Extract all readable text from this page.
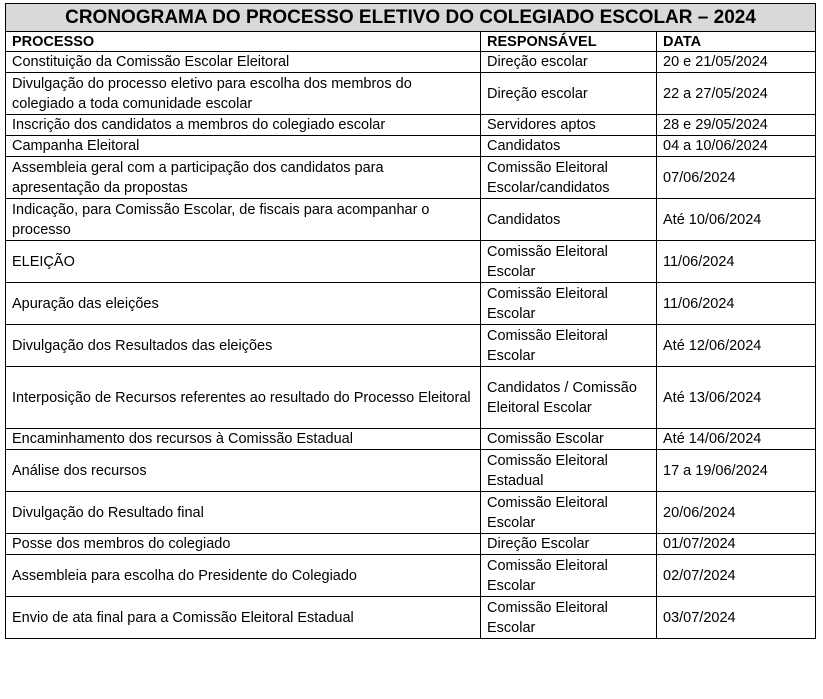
CRONOGRAMA DO PROCESSO ELETIVO DO COLEGIADO ESCOLAR – 2024		
PROCESSO	RESPONSÁVEL	DATA
Constituição da Comissão Escolar Eleitoral	Direção escolar	20 e 21/05/2024
Divulgação do processo eletivo para escolha dos membros do colegiado a toda comunidade escolar	Direção escolar	22 a 27/05/2024
Inscrição dos candidatos a membros do colegiado escolar	Servidores aptos	28 e 29/05/2024
Campanha Eleitoral	Candidatos	04 a 10/06/2024
Assembleia geral com a participação dos candidatos para apresentação da propostas	Comissão Eleitoral Escolar/candidatos	07/06/2024
Indicação, para Comissão Escolar, de fiscais para acompanhar o processo	Candidatos	Até 10/06/2024
ELEIÇÃO	Comissão Eleitoral Escolar	11/06/2024
Apuração das eleições	Comissão Eleitoral Escolar	11/06/2024
Divulgação dos Resultados das eleições	Comissão Eleitoral Escolar	Até 12/06/2024
Interposição de Recursos referentes ao resultado do Processo Eleitoral	Candidatos / Comissão Eleitoral Escolar	Até 13/06/2024
Encaminhamento dos recursos à Comissão Estadual	Comissão Escolar	Até 14/06/2024
Análise dos recursos	Comissão Eleitoral Estadual	17 a 19/06/2024
Divulgação do Resultado final	Comissão Eleitoral Escolar	20/06/2024
Posse dos membros do colegiado	Direção Escolar	01/07/2024
Assembleia para escolha do Presidente do Colegiado	Comissão Eleitoral Escolar	02/07/2024
Envio de ata final para a Comissão Eleitoral Estadual	Comissão Eleitoral Escolar	03/07/2024
